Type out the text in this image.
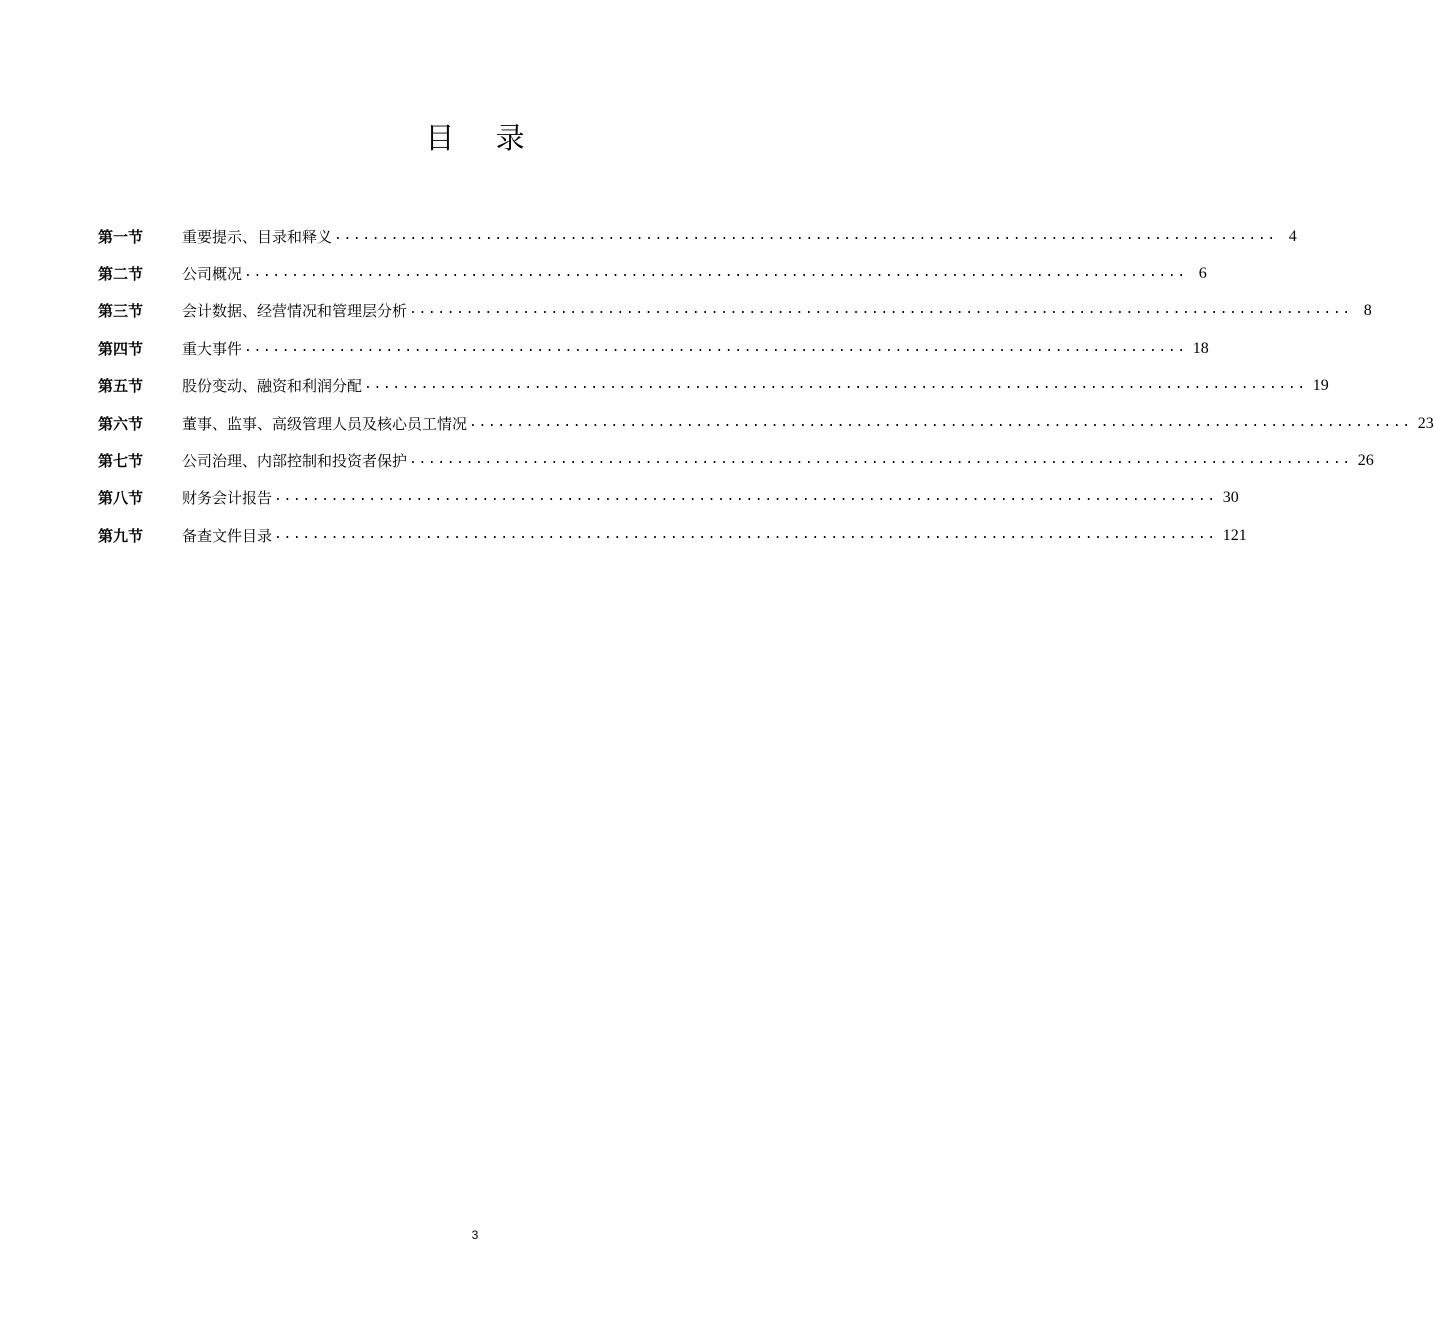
目 录
第一节	重要提示、目录和释义 .................................................................................................... 4
第二节	公司概况 .................................................................................................... 6
第三节	会计数据、经营情况和管理层分析 .................................................................................................... 8
第四节	重大事件 .................................................................................................... 18
第五节	股份变动、融资和利润分配 .................................................................................................... 19
第六节	董事、监事、高级管理人员及核心员工情况 .................................................................................................... 23
第七节	公司治理、内部控制和投资者保护 .................................................................................................... 26
第八节	财务会计报告 .................................................................................................... 30
第九节	备查文件目录 .................................................................................................... 121
3
